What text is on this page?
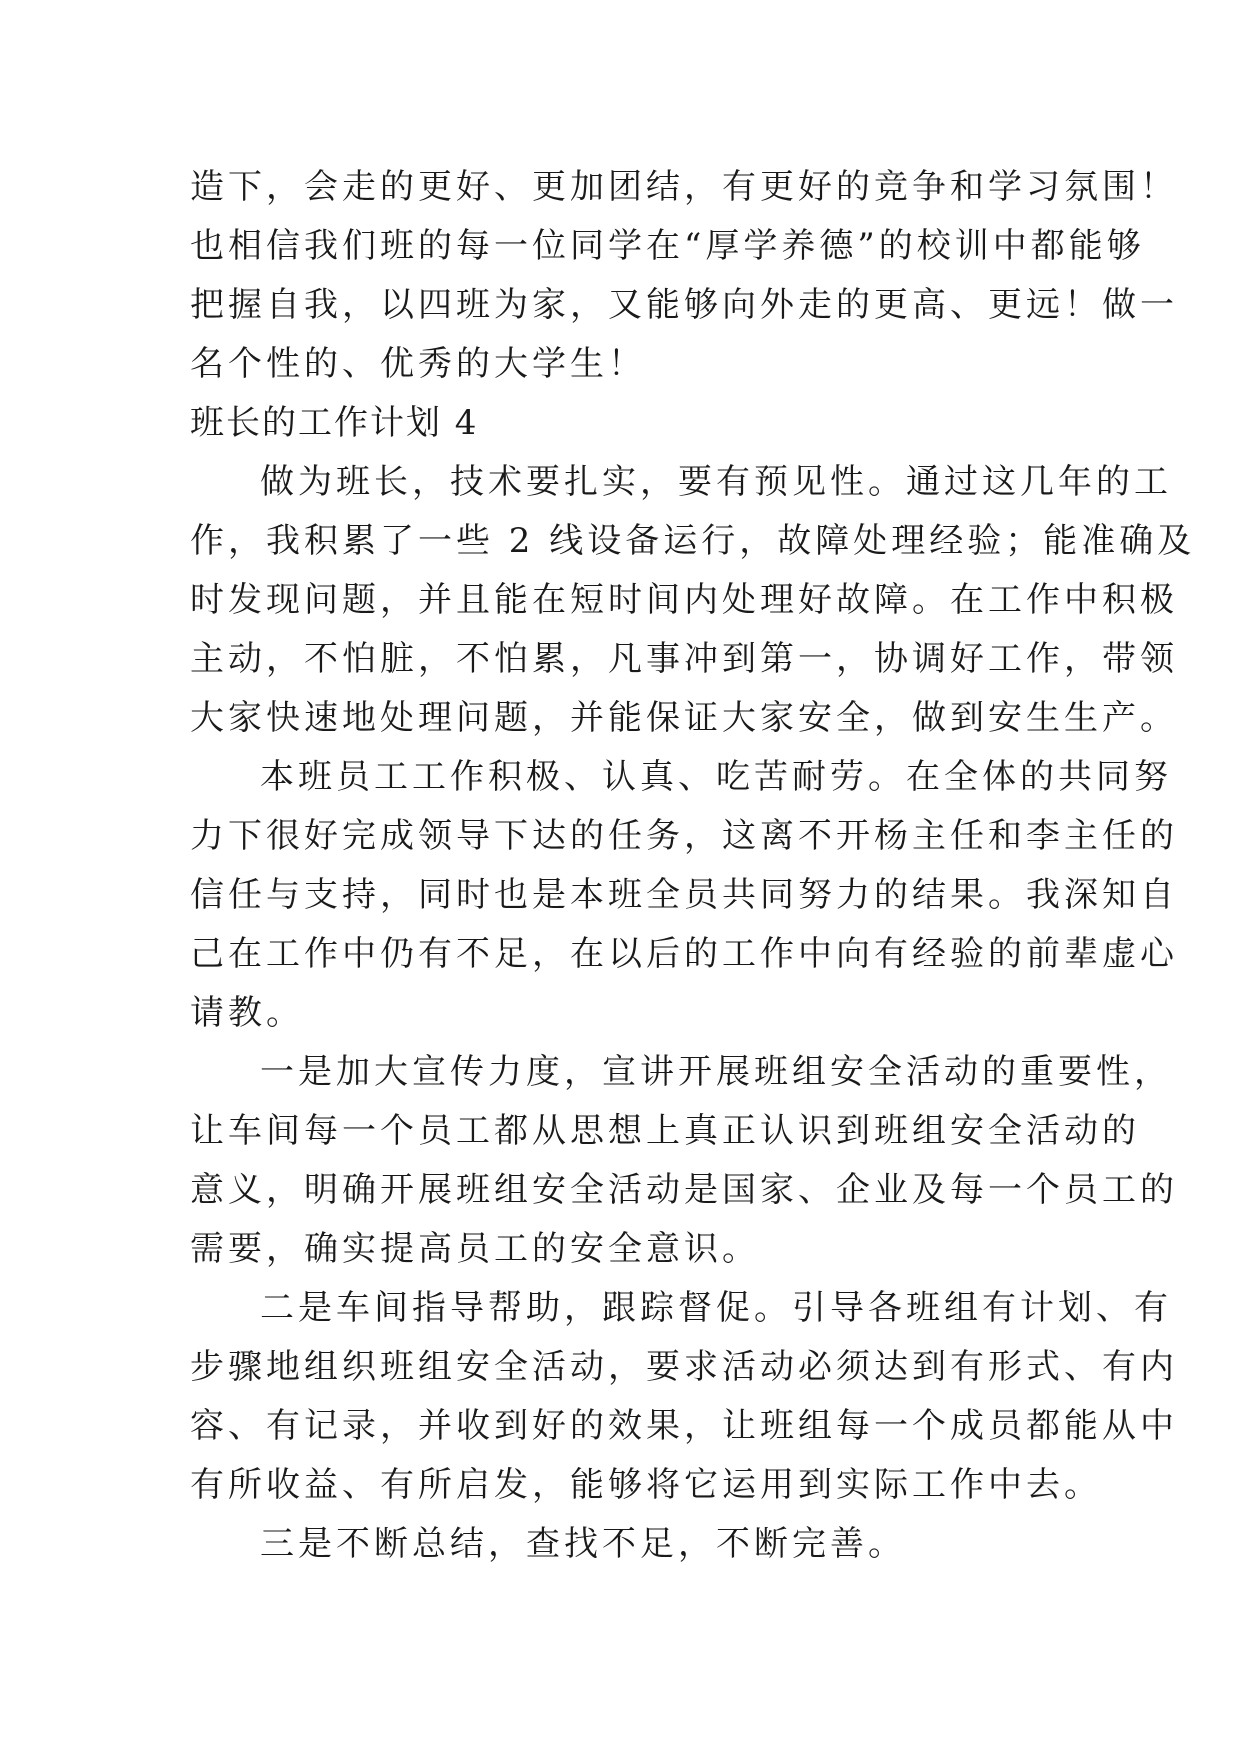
造下，会走的更好、更加团结，有更好的竞争和学习氛围！
也相信我们班的每一位同学在“厚学养德”的校训中都能够
把握自我，以四班为家，又能够向外走的更高、更远！做一
名个性的、优秀的大学生！
班长的工作计划 4
做为班长，技术要扎实，要有预见性。通过这几年的工
作，我积累了一些 2 线设备运行，故障处理经验；能准确及
时发现问题，并且能在短时间内处理好故障。在工作中积极
主动，不怕脏，不怕累，凡事冲到第一，协调好工作，带领
大家快速地处理问题，并能保证大家安全，做到安生生产。
本班员工工作积极、认真、吃苦耐劳。在全体的共同努
力下很好完成领导下达的任务，这离不开杨主任和李主任的
信任与支持，同时也是本班全员共同努力的结果。我深知自
己在工作中仍有不足，在以后的工作中向有经验的前辈虚心
请教。
一是加大宣传力度，宣讲开展班组安全活动的重要性，
让车间每一个员工都从思想上真正认识到班组安全活动的
意义，明确开展班组安全活动是国家、企业及每一个员工的
需要，确实提高员工的安全意识。
二是车间指导帮助，跟踪督促。引导各班组有计划、有
步骤地组织班组安全活动，要求活动必须达到有形式、有内
容、有记录，并收到好的效果，让班组每一个成员都能从中
有所收益、有所启发，能够将它运用到实际工作中去。
三是不断总结，查找不足，不断完善。
